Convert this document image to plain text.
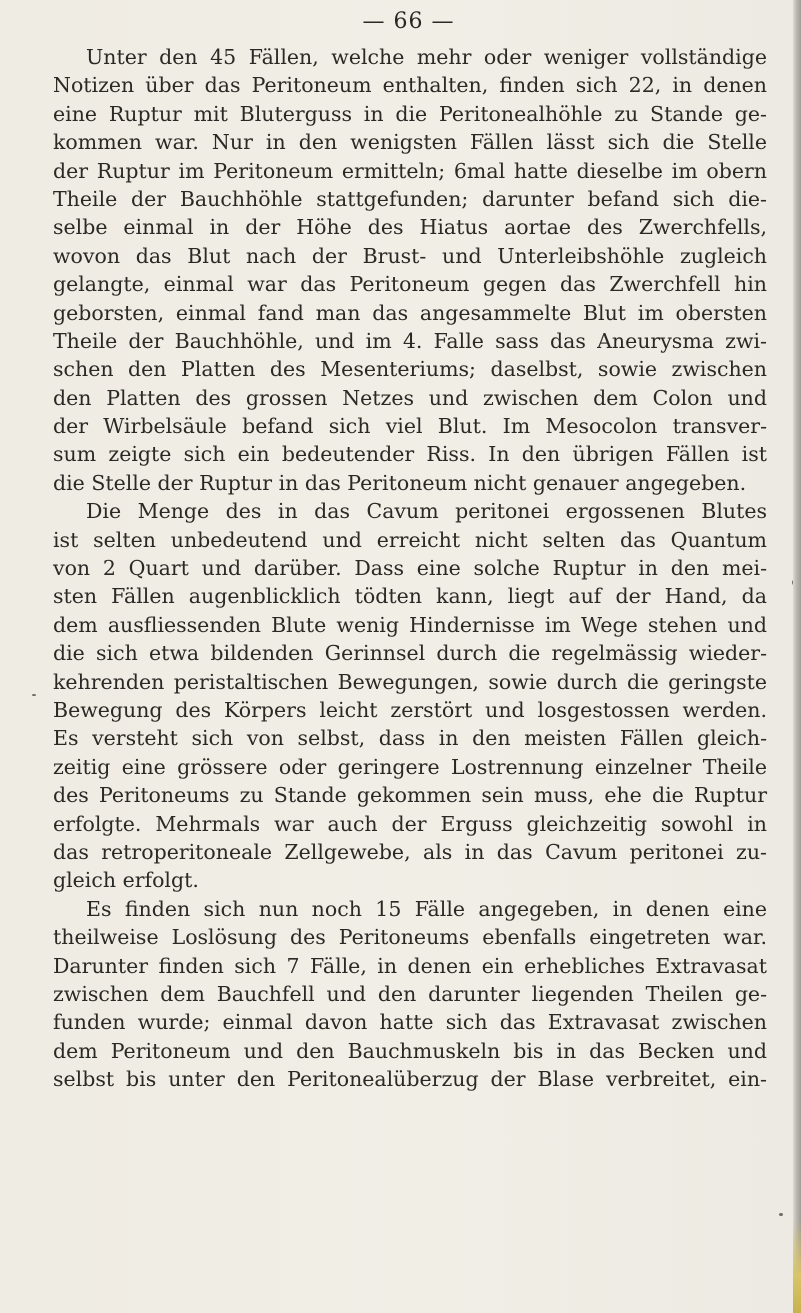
— 66 —
Unter den 45 Fällen, welche mehr oder weniger vollständige
Notizen über das Peritoneum enthalten, finden sich 22, in denen
eine Ruptur mit Bluterguss in die Peritonealhöhle zu Stande ge-
kommen war. Nur in den wenigsten Fällen lässt sich die Stelle
der Ruptur im Peritoneum ermitteln; 6mal hatte dieselbe im obern
Theile der Bauchhöhle stattgefunden; darunter befand sich die-
selbe einmal in der Höhe des Hiatus aortae des Zwerchfells,
wovon das Blut nach der Brust- und Unterleibshöhle zugleich
gelangte, einmal war das Peritoneum gegen das Zwerchfell hin
geborsten, einmal fand man das angesammelte Blut im obersten
Theile der Bauchhöhle, und im 4. Falle sass das Aneurysma zwi-
schen den Platten des Mesenteriums; daselbst, sowie zwischen
den Platten des grossen Netzes und zwischen dem Colon und
der Wirbelsäule befand sich viel Blut. Im Mesocolon transver-
sum zeigte sich ein bedeutender Riss. In den übrigen Fällen ist
die Stelle der Ruptur in das Peritoneum nicht genauer angegeben.
Die Menge des in das Cavum peritonei ergossenen Blutes
ist selten unbedeutend und erreicht nicht selten das Quantum
von 2 Quart und darüber. Dass eine solche Ruptur in den mei-
sten Fällen augenblicklich tödten kann, liegt auf der Hand, da
dem ausfliessenden Blute wenig Hindernisse im Wege stehen und
die sich etwa bildenden Gerinnsel durch die regelmässig wieder-
kehrenden peristaltischen Bewegungen, sowie durch die geringste
Bewegung des Körpers leicht zerstört und losgestossen werden.
Es versteht sich von selbst, dass in den meisten Fällen gleich-
zeitig eine grössere oder geringere Lostrennung einzelner Theile
des Peritoneums zu Stande gekommen sein muss, ehe die Ruptur
erfolgte. Mehrmals war auch der Erguss gleichzeitig sowohl in
das retroperitoneale Zellgewebe, als in das Cavum peritonei zu-
gleich erfolgt.
Es finden sich nun noch 15 Fälle angegeben, in denen eine
theilweise Loslösung des Peritoneums ebenfalls eingetreten war.
Darunter finden sich 7 Fälle, in denen ein erhebliches Extravasat
zwischen dem Bauchfell und den darunter liegenden Theilen ge-
funden wurde; einmal davon hatte sich das Extravasat zwischen
dem Peritoneum und den Bauchmuskeln bis in das Becken und
selbst bis unter den Peritonealüberzug der Blase verbreitet, ein-
